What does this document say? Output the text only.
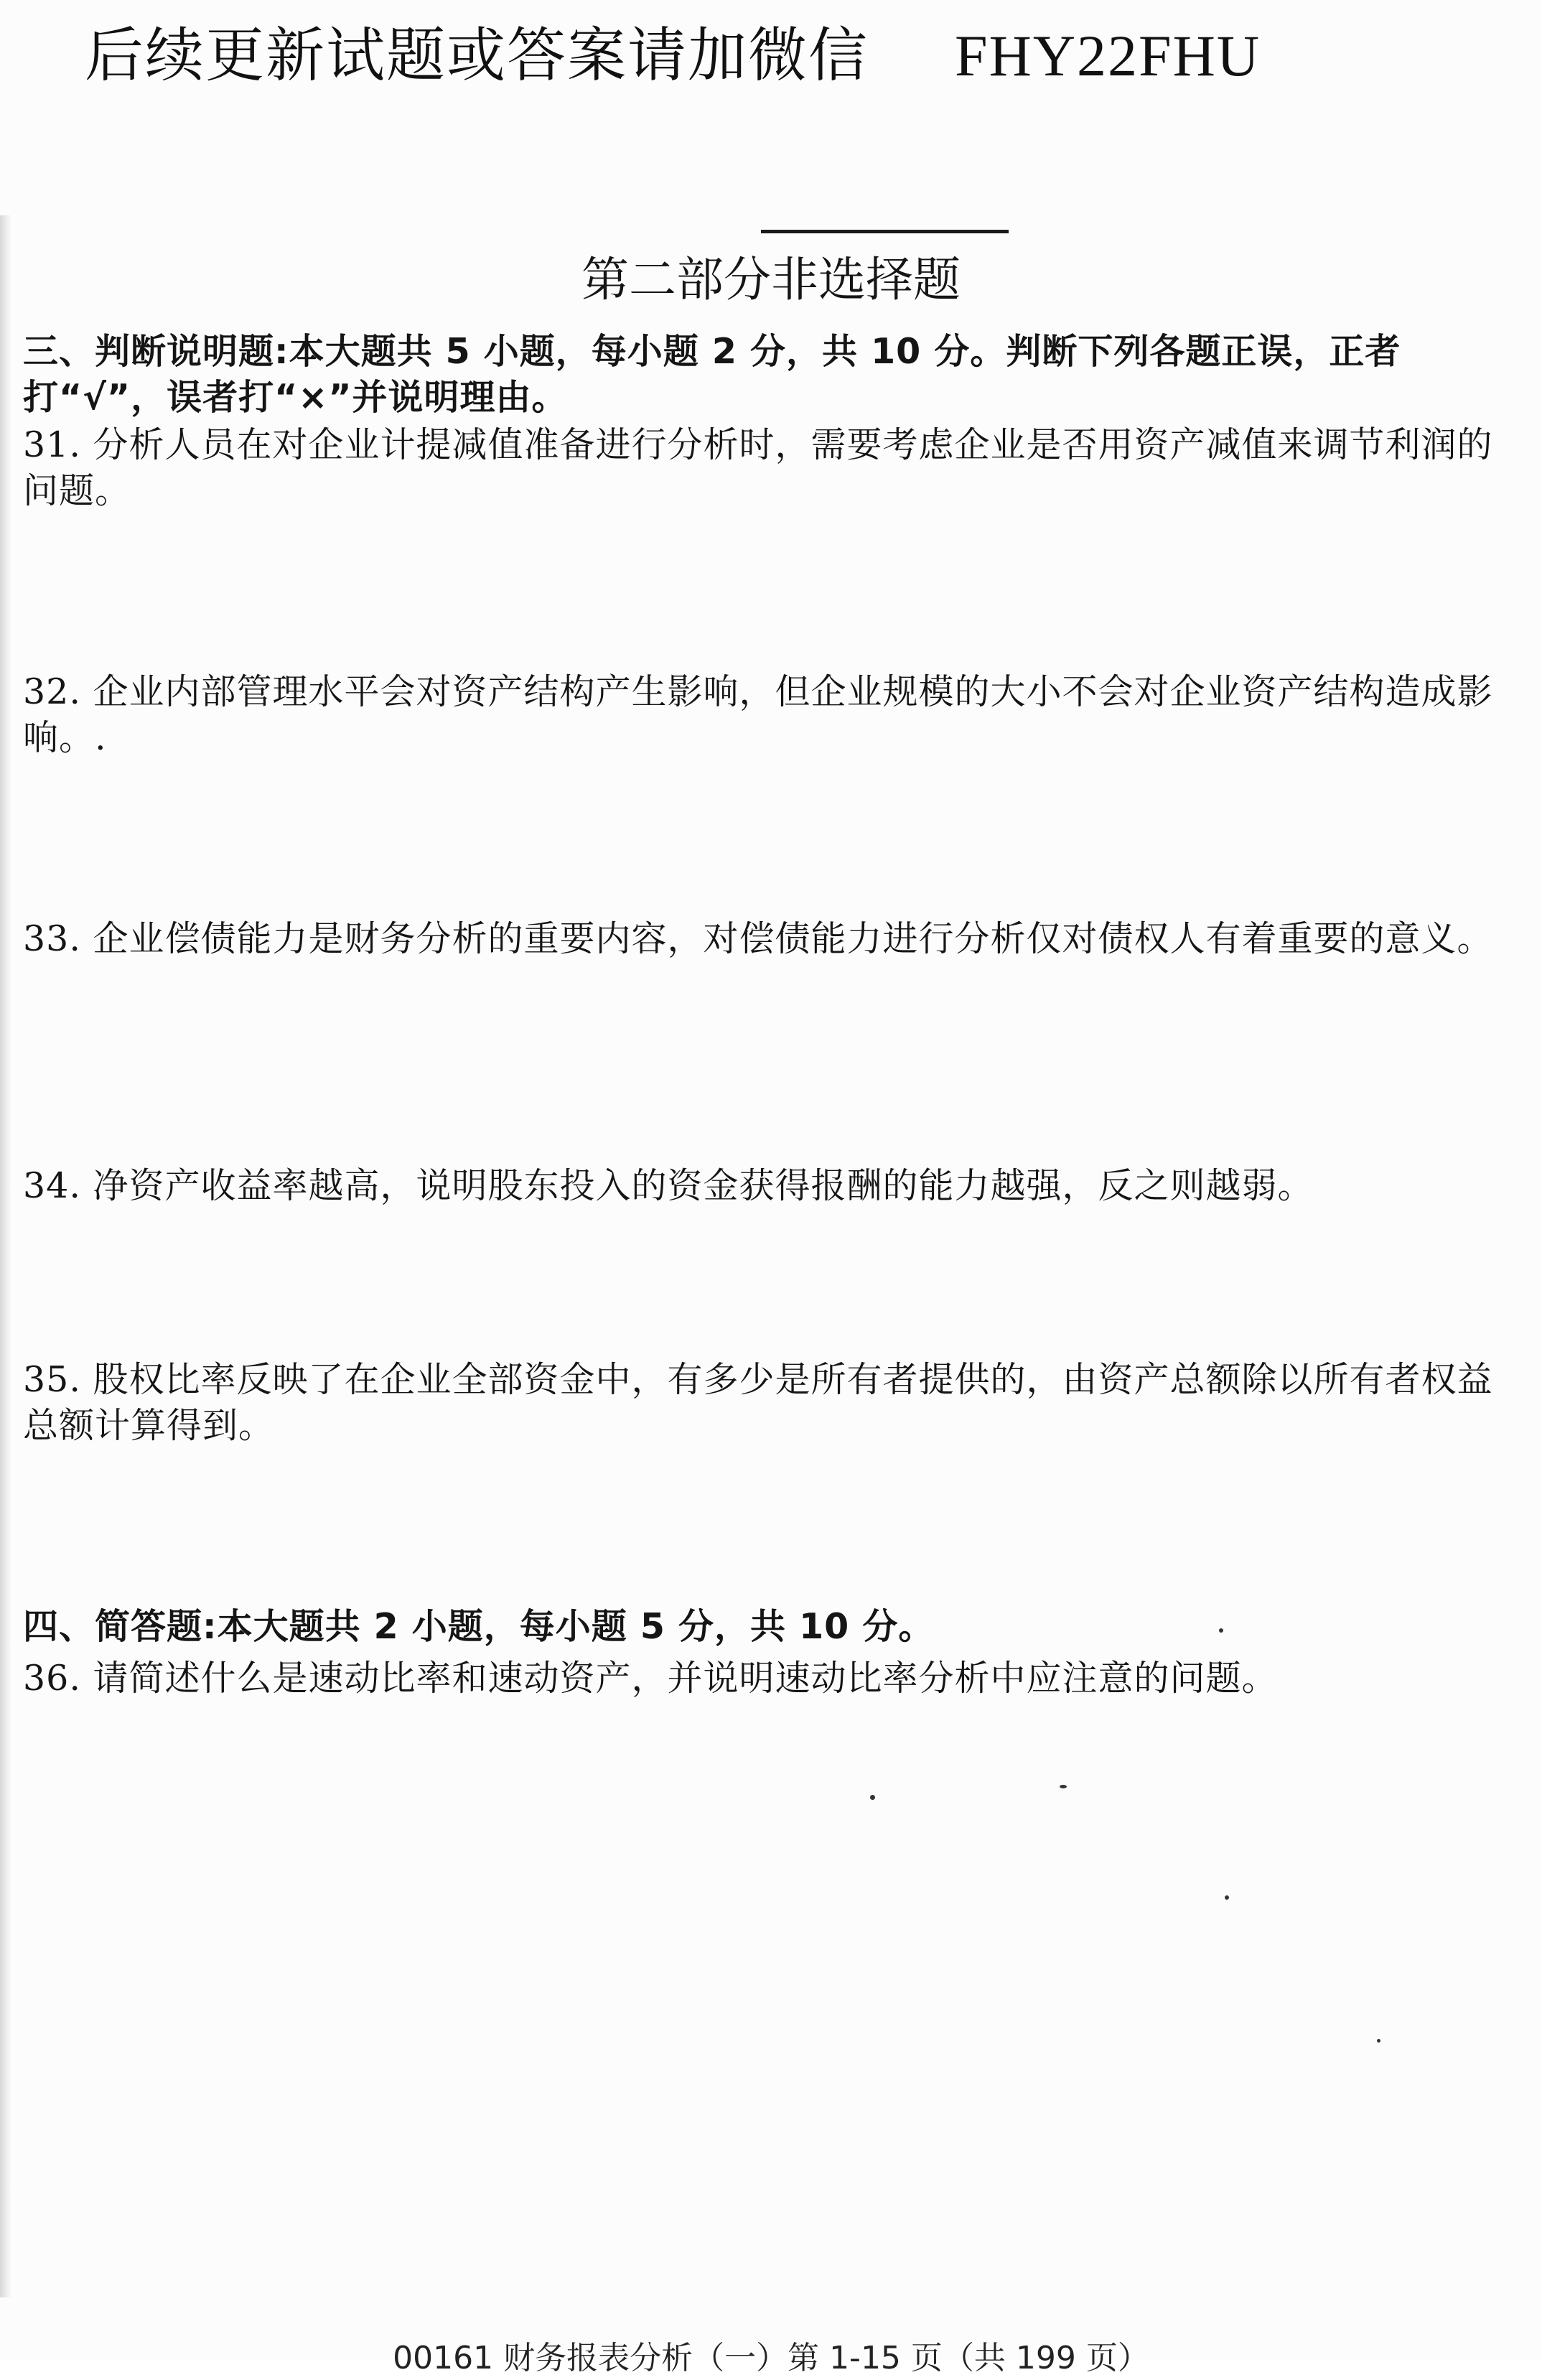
后续更新试题或答案请加微信 FHY22FHU
第二部分非选择题
三、判断说明题:本大题共 5 小题，每小题 2 分，共 10 分。判断下列各题正误，正者打“√”，误者打“×”并说明理由。
31. 分析人员在对企业计提减值准备进行分析时，需要考虑企业是否用资产减值来调节利润的问题。
32. 企业内部管理水平会对资产结构产生影响，但企业规模的大小不会对企业资产结构造成影响。.
33. 企业偿债能力是财务分析的重要内容，对偿债能力进行分析仅对债权人有着重要的意义。
34. 净资产收益率越高，说明股东投入的资金获得报酬的能力越强，反之则越弱。
35. 股权比率反映了在企业全部资金中，有多少是所有者提供的，由资产总额除以所有者权益总额计算得到。
四、简答题:本大题共 2 小题，每小题 5 分，共 10 分。
36. 请简述什么是速动比率和速动资产，并说明速动比率分析中应注意的问题。
00161 财务报表分析（一）第 1-15 页（共 199 页）
